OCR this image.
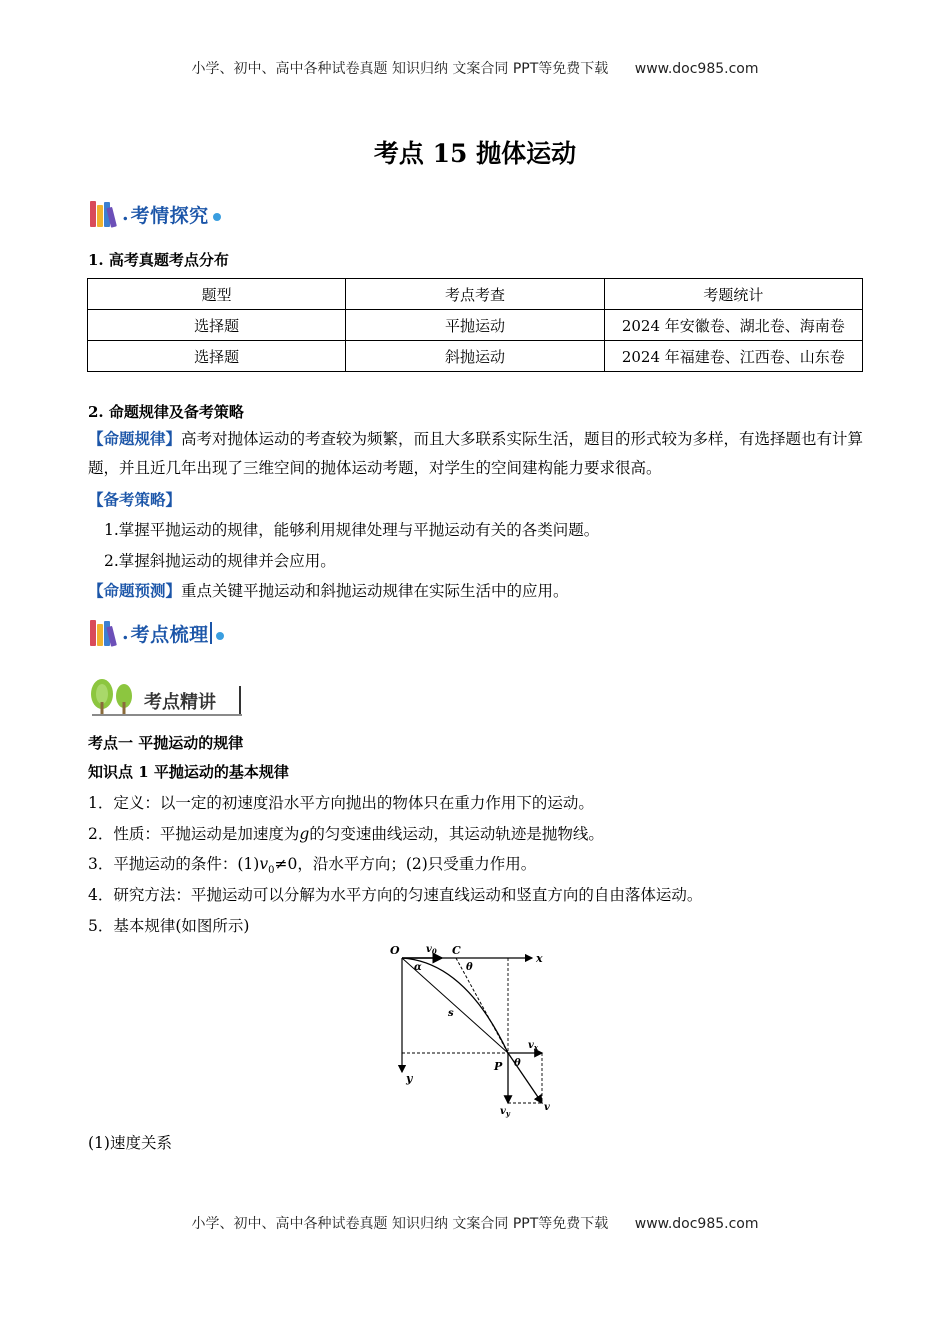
小学、初中、高中各种试卷真题 知识归纳 文案合同 PPT等免费下载 www.doc985.com
考点 15 抛体运动
. 考情探究
1. 高考真题考点分布
题型	考点考查	考题统计
选择题	平抛运动	2024 年安徽卷、湖北卷、海南卷
选择题	斜抛运动	2024 年福建卷、江西卷、山东卷
2. 命题规律及备考策略
【命题规律】高考对抛体运动的考查较为频繁，而且大多联系实际生活，题目的形式较为多样，有选择题也有计算题，并且近几年出现了三维空间的抛体运动考题，对学生的空间建构能力要求很高。
【备考策略】
1.掌握平抛运动的规律，能够利用规律处理与平抛运动有关的各类问题。
2.掌握斜抛运动的规律并会应用。
【命题预测】重点关键平抛运动和斜抛运动规律在实际生活中的应用。
. 考点梳理
考点精讲
考点一 平抛运动的规律
知识点 1 平抛运动的基本规律
1．定义：以一定的初速度沿水平方向抛出的物体只在重力作用下的运动。
2．性质：平抛运动是加速度为g的匀变速曲线运动，其运动轨迹是抛物线。
3．平抛运动的条件：$(1)v_0\ne 0$，沿水平方向；(2)只受重力作用。
4．研究方法：平抛运动可以分解为水平方向的匀速直线运动和竖直方向的自由落体运动。
5．基本规律(如图所示)
O	$v_0$ C
x
α	θ
s
$v_x$
P θ
y
$v_y$
v
(1)速度关系
小学、初中、高中各种试卷真题 知识归纳 文案合同 PPT等免费下载 www.doc985.com
